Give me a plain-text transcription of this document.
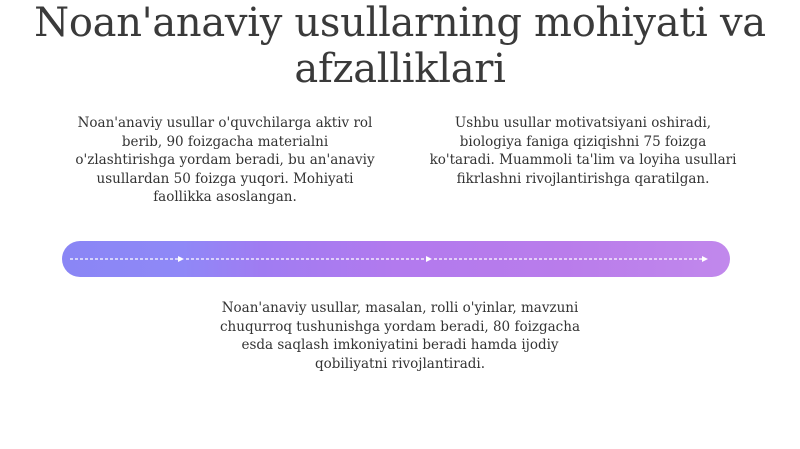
Noan'anaviy usullarning mohiyati va afzalliklari

Noan'anaviy usullar o'quvchilarga aktiv rol berib, 90 foizgacha materialni o'zlashtirishga yordam beradi, bu an'anaviy usullardan 50 foizga yuqori. Mohiyati faollikka asoslangan.

Ushbu usullar motivatsiyani oshiradi, biologiya faniga qiziqishni 75 foizga ko'taradi. Muammoli ta'lim va loyiha usullari fikrlashni rivojlantirishga qaratilgan.

Noan'anaviy usullar, masalan, rolli o'yinlar, mavzuni chuqurroq tushunishga yordam beradi, 80 foizgacha esda saqlash imkoniyatini beradi hamda ijodiy qobiliyatni rivojlantiradi.
